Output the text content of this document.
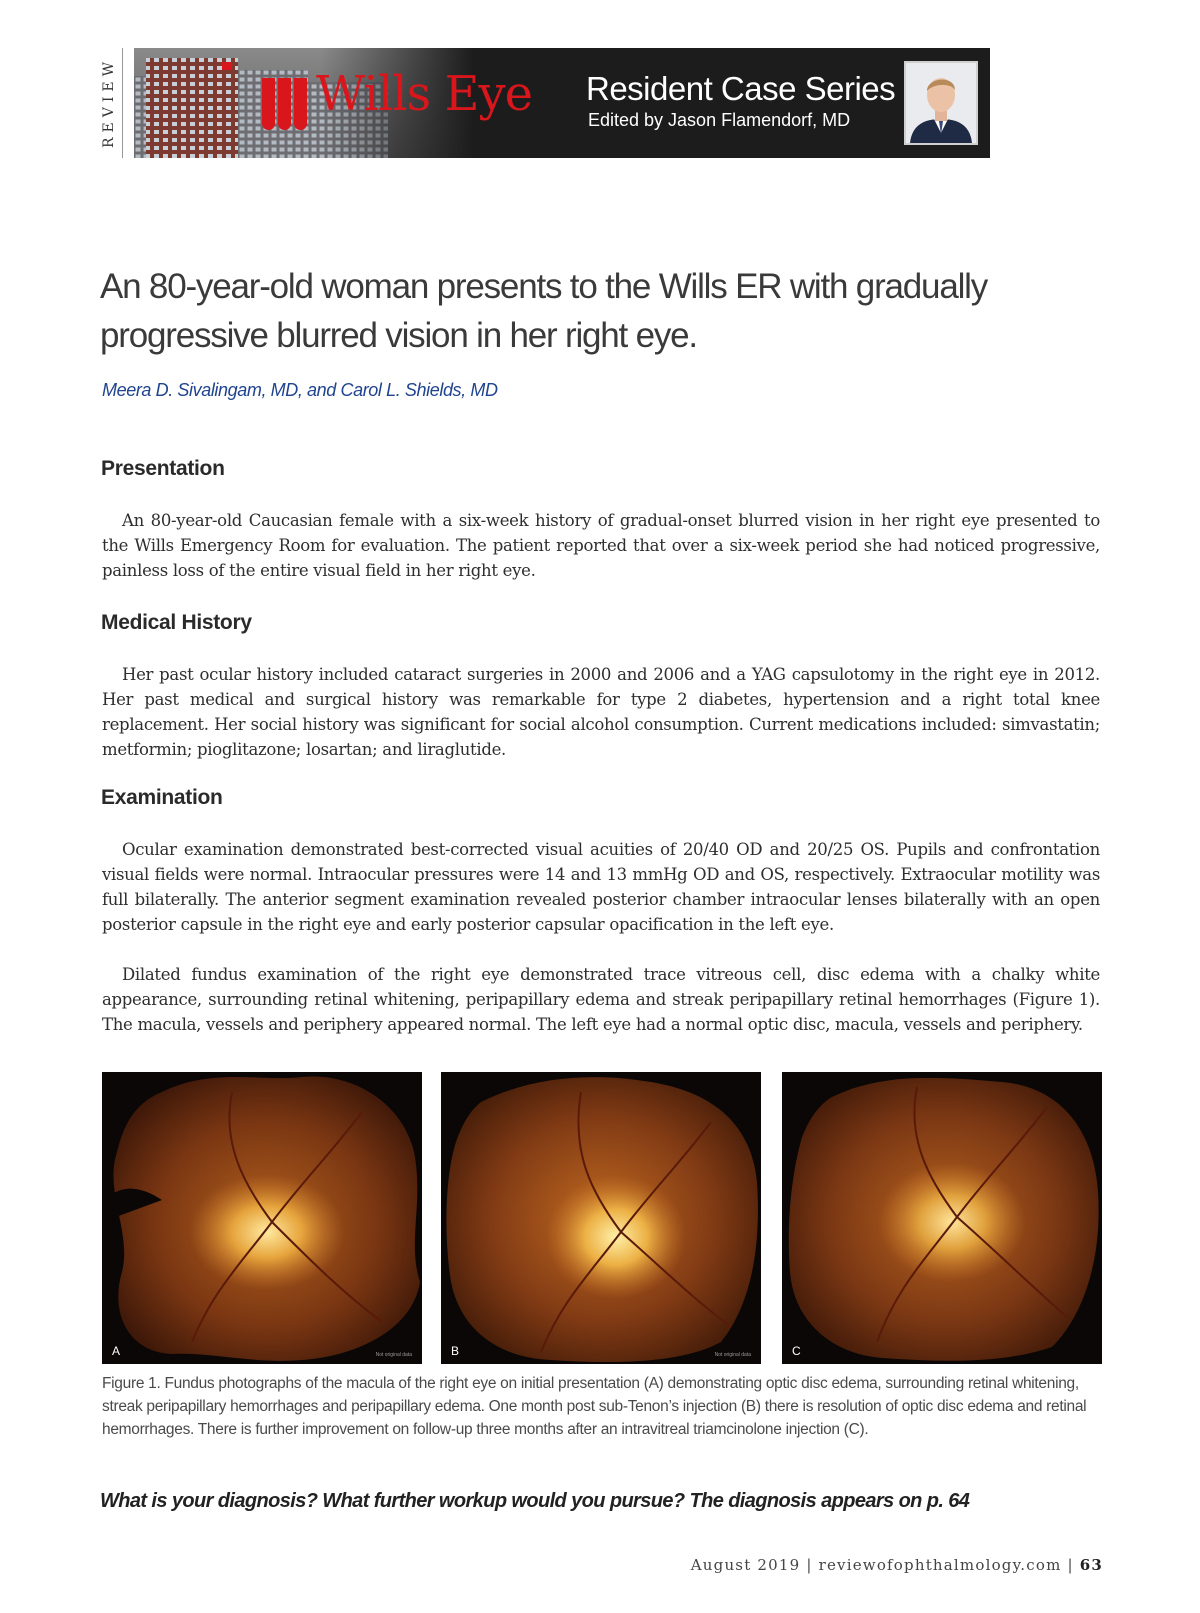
REVIEW	Wills Eye Resident Case Series
Edited by Jason Flamendorf, MD
An 80-year-old woman presents to the Wills ER with gradually progressive blurred vision in her right eye.

Meera D. Sivalingam, MD, and Carol L. Shields, MD

Presentation

An 80-year-old Caucasian female with a six-week history of gradual-onset blurred vision in her right eye presented to the Wills Emergency Room for evaluation. The patient reported that over a six-week period she had noticed progressive, painless loss of the entire visual field in her right eye.

Medical History

Her past ocular history included cataract surgeries in 2000 and 2006 and a YAG capsulotomy in the right eye in 2012. Her past medical and surgical history was remarkable for type 2 diabetes, hypertension and a right total knee replacement. Her social history was significant for social alcohol consumption. Current medications included: simvastatin; metformin; pioglitazone; losartan; and liraglutide.

Examination

Ocular examination demonstrated best-corrected visual acuities of 20/40 OD and 20/25 OS. Pupils and confrontation visual fields were normal. Intraocular pressures were 14 and 13 mmHg OD and OS, respectively. Extraocular motility was full bilaterally. The anterior segment examination revealed posterior chamber intraocular lenses bilaterally with an open posterior capsule in the right eye and early posterior capsular opacification in the left eye.

Dilated fundus examination of the right eye demonstrated trace vitreous cell, disc edema with a chalky white appearance, surrounding retinal whitening, peripapillary edema and streak peripapillary retinal hemorrhages (Figure 1). The macula, vessels and periphery appeared normal. The left eye had a normal optic disc, macula, vessels and periphery.

A	Not original data	B	Not original data	C

Figure 1. Fundus photographs of the macula of the right eye on initial presentation (A) demonstrating optic disc edema, surrounding retinal whitening, streak peripapillary hemorrhages and peripapillary edema. One month post sub-Tenon’s injection (B) there is resolution of optic disc edema and retinal hemorrhages. There is further improvement on follow-up three months after an intravitreal triamcinolone injection (C).

What is your diagnosis? What further workup would you pursue? The diagnosis appears on p. 64

August 2019 | reviewofophthalmology.com | 63
